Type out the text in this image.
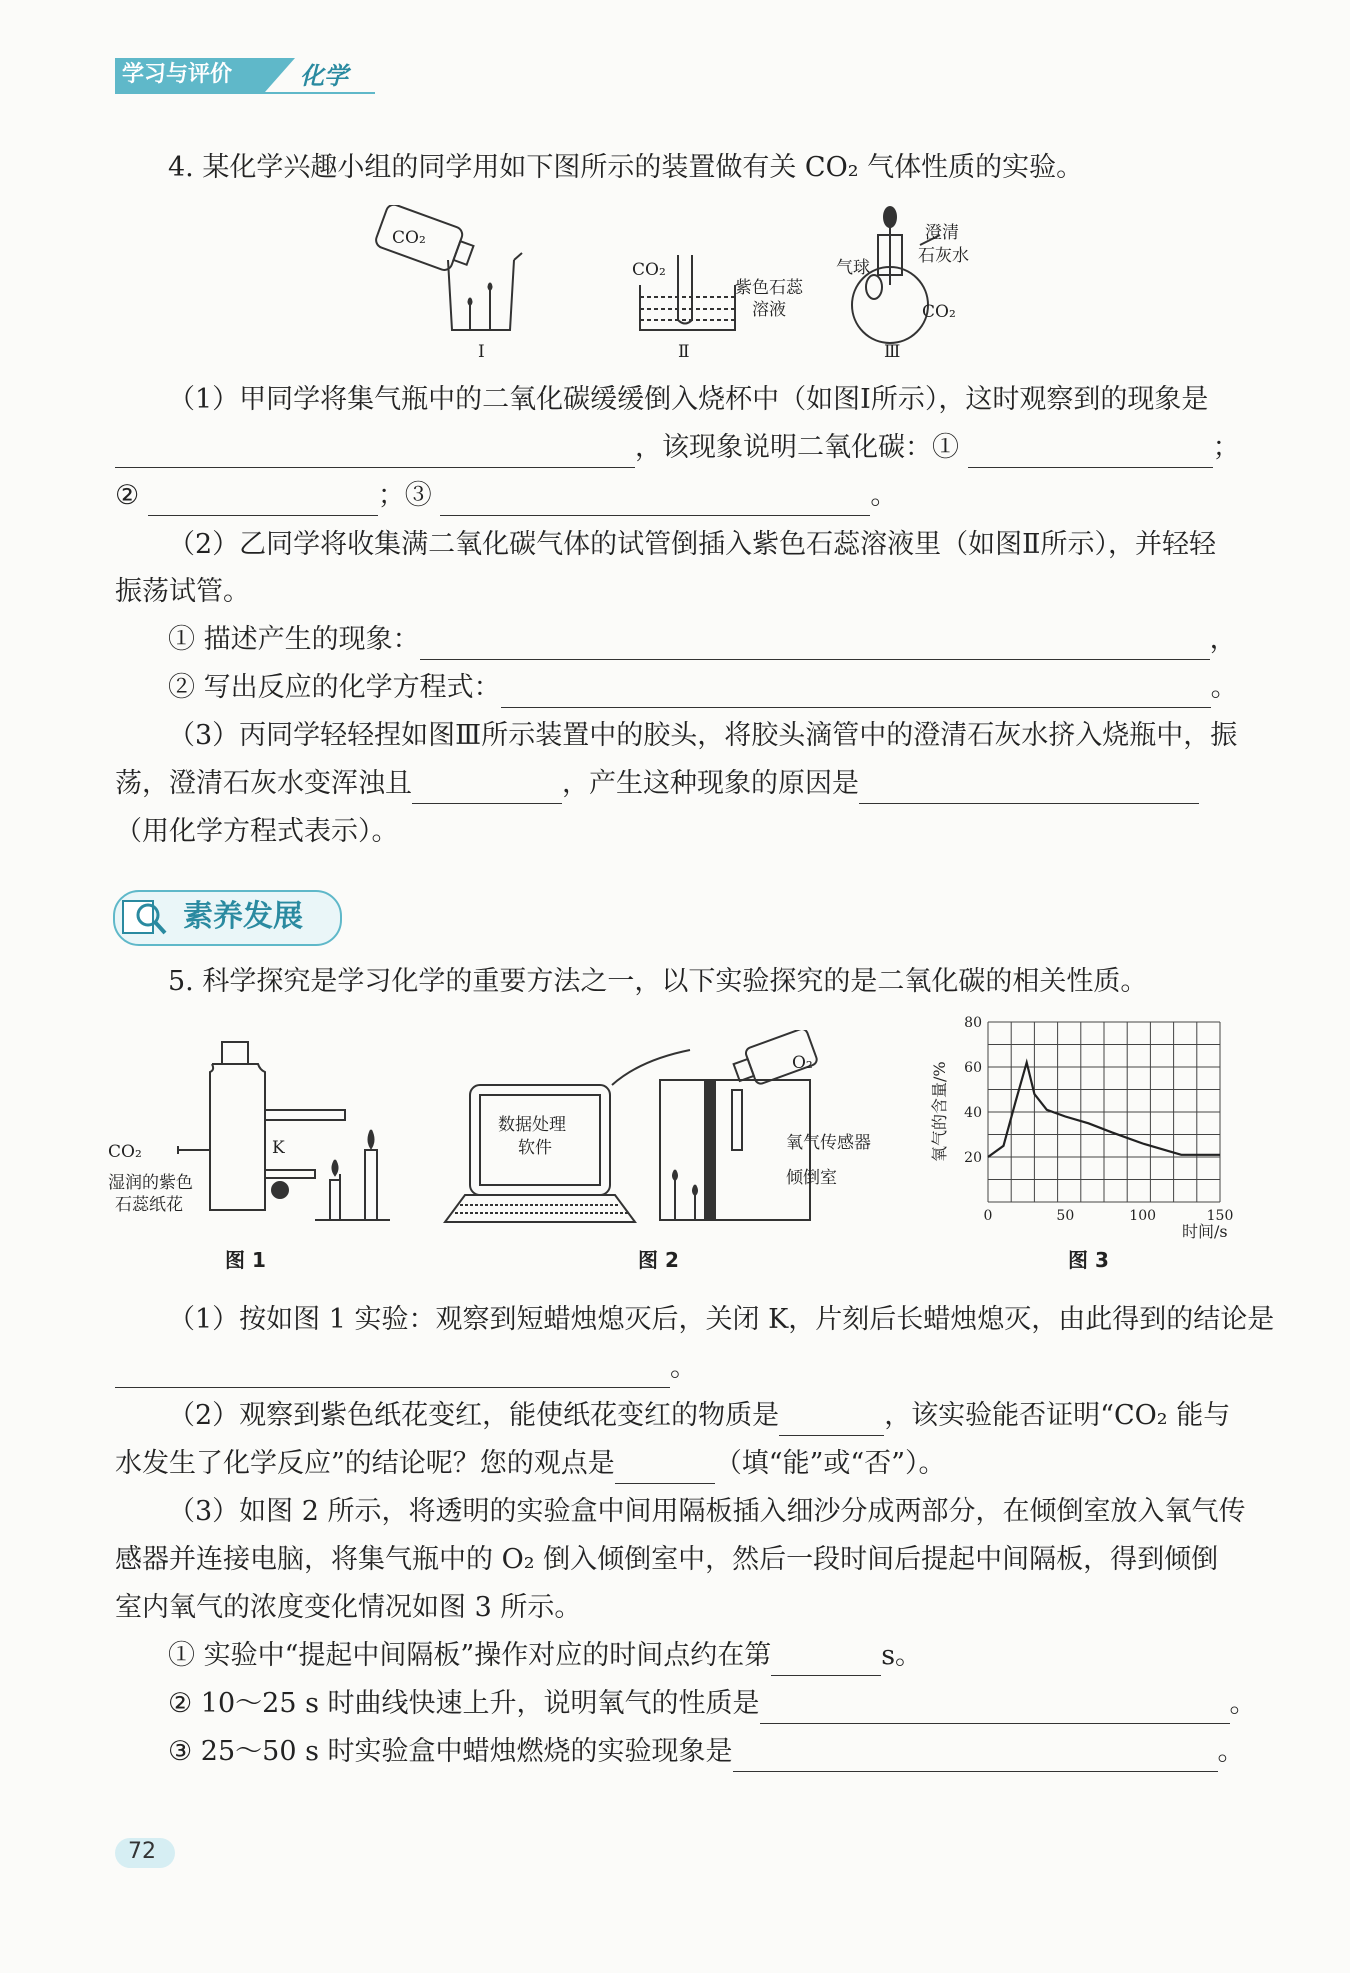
学习与评价	化学
4. 某化学兴趣小组的同学用如下图所示的装置做有关 CO₂ 气体性质的实验。
CO₂
CO₂
紫色石蕊
溶液
澄清
石灰水
气球
CO₂
Ⅰ	Ⅱ	Ⅲ
（1）甲同学将集气瓶中的二氧化碳缓缓倒入烧杯中（如图Ⅰ所示），这时观察到的现象是
，该现象说明二氧化碳：①	；
②	；③	。
（2）乙同学将收集满二氧化碳气体的试管倒插入紫色石蕊溶液里（如图Ⅱ所示），并轻轻
振荡试管。
① 描述产生的现象：	，
② 写出反应的化学方程式：	。
（3）丙同学轻轻捏如图Ⅲ所示装置中的胶头，将胶头滴管中的澄清石灰水挤入烧瓶中，振
荡，澄清石灰水变浑浊且	，产生这种现象的原因是
（用化学方程式表示）。
素养发展
5. 科学探究是学习化学的重要方法之一，以下实验探究的是二氧化碳的相关性质。
CO₂	K
湿润的紫色
石蕊纸花
数据处理
软件
O₂
氧气传感器
倾倒室
0	50	100	150
20
40
60
80
氧气的含量/%
时间/s
图 1	图 2	图 3
（1）按如图 1 实验：观察到短蜡烛熄灭后，关闭 K，片刻后长蜡烛熄灭，由此得到的结论是
。
（2）观察到紫色纸花变红，能使纸花变红的物质是	，该实验能否证明“CO₂ 能与
水发生了化学反应”的结论呢？您的观点是	（填“能”或“否”）。
（3）如图 2 所示，将透明的实验盒中间用隔板插入细沙分成两部分，在倾倒室放入氧气传
感器并连接电脑，将集气瓶中的 O₂ 倒入倾倒室中，然后一段时间后提起中间隔板，得到倾倒
室内氧气的浓度变化情况如图 3 所示。
① 实验中“提起中间隔板”操作对应的时间点约在第	s。
② 10～25 s 时曲线快速上升，说明氧气的性质是	。
③ 25～50 s 时实验盒中蜡烛燃烧的实验现象是	。
72
